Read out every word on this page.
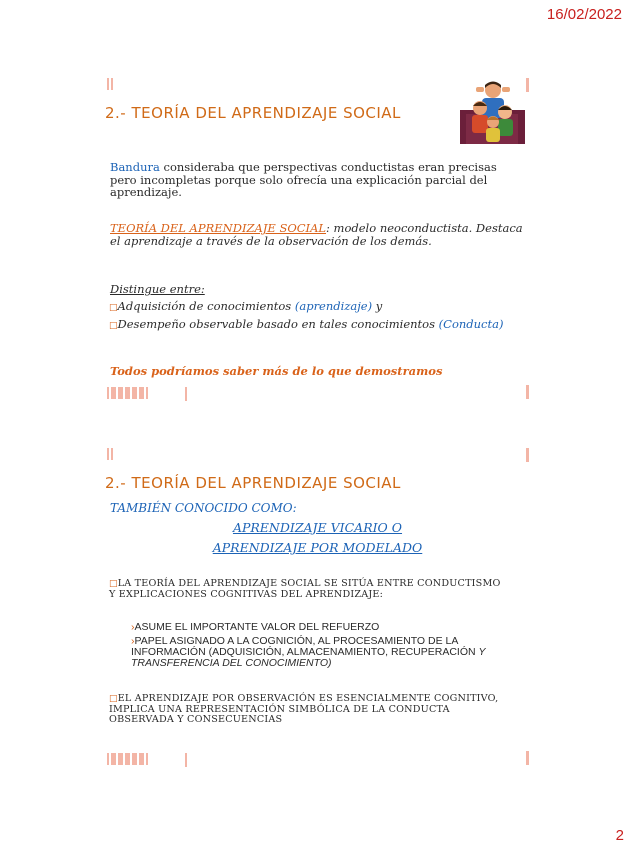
16/02/2022
2.- TEORÍA DEL APRENDIZAJE SOCIAL
Bandura consideraba que perspectivas conductistas eran precisas pero incompletas porque solo ofrecía una explicación parcial del aprendizaje.
TEORÍA DEL APRENDIZAJE SOCIAL: modelo neoconductista. Destaca el aprendizaje a través de la observación de los demás.
Distingue entre:
□Adquisición de conocimientos (aprendizaje) y
□Desempeño observable basado en tales conocimientos (Conducta)
Todos podríamos saber más de lo que demostramos
2.- TEORÍA DEL APRENDIZAJE SOCIAL
TAMBIÉN CONOCIDO COMO:
APRENDIZAJE VICARIO O
APRENDIZAJE POR MODELADO
□LA TEORÍA DEL APRENDIZAJE SOCIAL SE SITÚA ENTRE CONDUCTISMO Y EXPLICACIONES COGNITIVAS DEL APRENDIZAJE:
›ASUME EL IMPORTANTE VALOR DEL REFUERZO
›PAPEL ASIGNADO A LA COGNICIÓN, AL PROCESAMIENTO DE LA INFORMACIÓN (ADQUISICIÓN, ALMACENAMIENTO, RECUPERACIÓN Y TRANSFERENCIA DEL CONOCIMIENTO)
□EL APRENDIZAJE POR OBSERVACIÓN ES ESENCIALMENTE COGNITIVO, IMPLICA UNA REPRESENTACIÓN SIMBÓLICA DE LA CONDUCTA OBSERVADA Y CONSECUENCIAS
2
